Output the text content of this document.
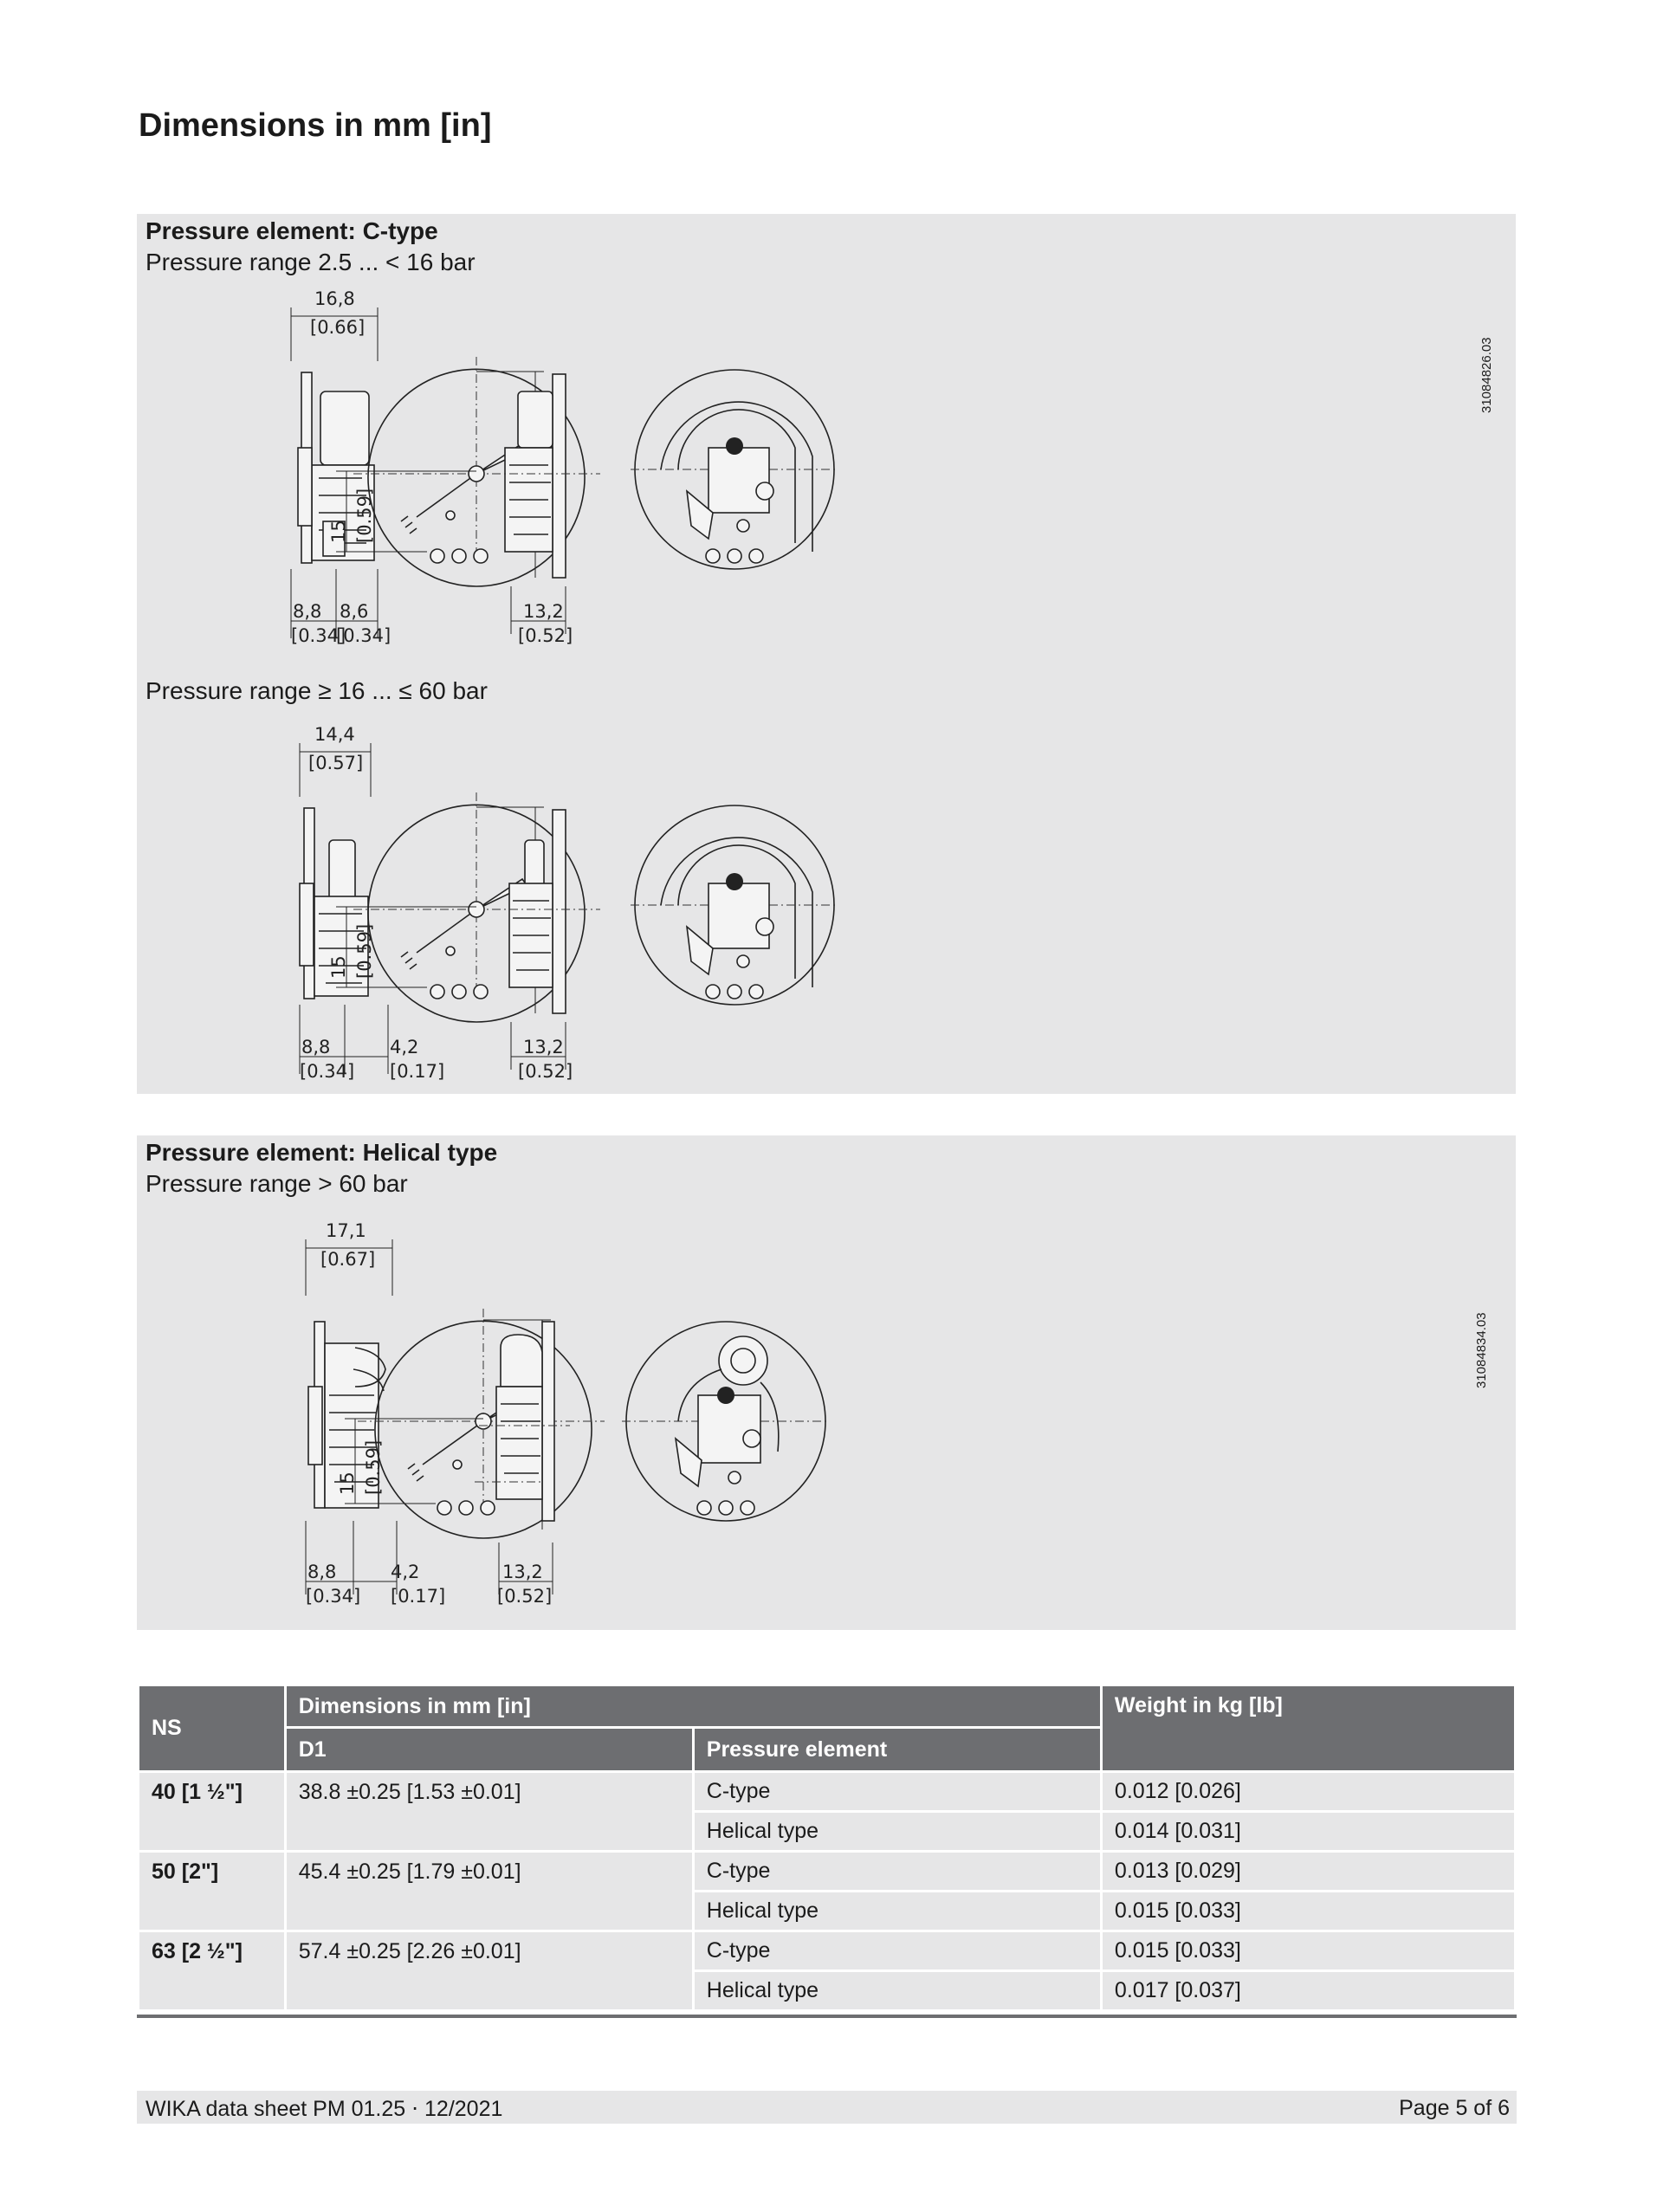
Dimensions in mm [in]
Pressure element: C-type
Pressure range 2.5 ... < 16 bar
Pressure range ≥ 16 ... ≤ 60 bar
31084826.03
16,8
[0.66]
8,8 8,6
[0.34]
[0.34]
15 [0.59]
13,2
[0.52]
14,4
[0.57]
8,8	4,2
[0.34] [0.17]
15 [0.59]
13,2
[0.52]
Pressure element: Helical type
Pressure range > 60 bar
31084834.03
17,1
[0.67]
8,8	4,2
[0.34] [0.17]
15 [0.59]
13,2
[0.52]
NS	Dimensions in mm [in]		Weight in kg [lb]
	D1	Pressure element	
40 [1 ½"]	38.8 ±0.25 [1.53 ±0.01]	C-type	0.012 [0.026]
		Helical type	0.014 [0.031]
50 [2"]	45.4 ±0.25 [1.79 ±0.01]	C-type	0.013 [0.029]
		Helical type	0.015 [0.033]
63 [2 ½"]	57.4 ±0.25 [2.26 ±0.01]	C-type	0.015 [0.033]
		Helical type	0.017 [0.037]
WIKA data sheet PM 01.25 ⋅ 12/2021	Page 5 of 6
